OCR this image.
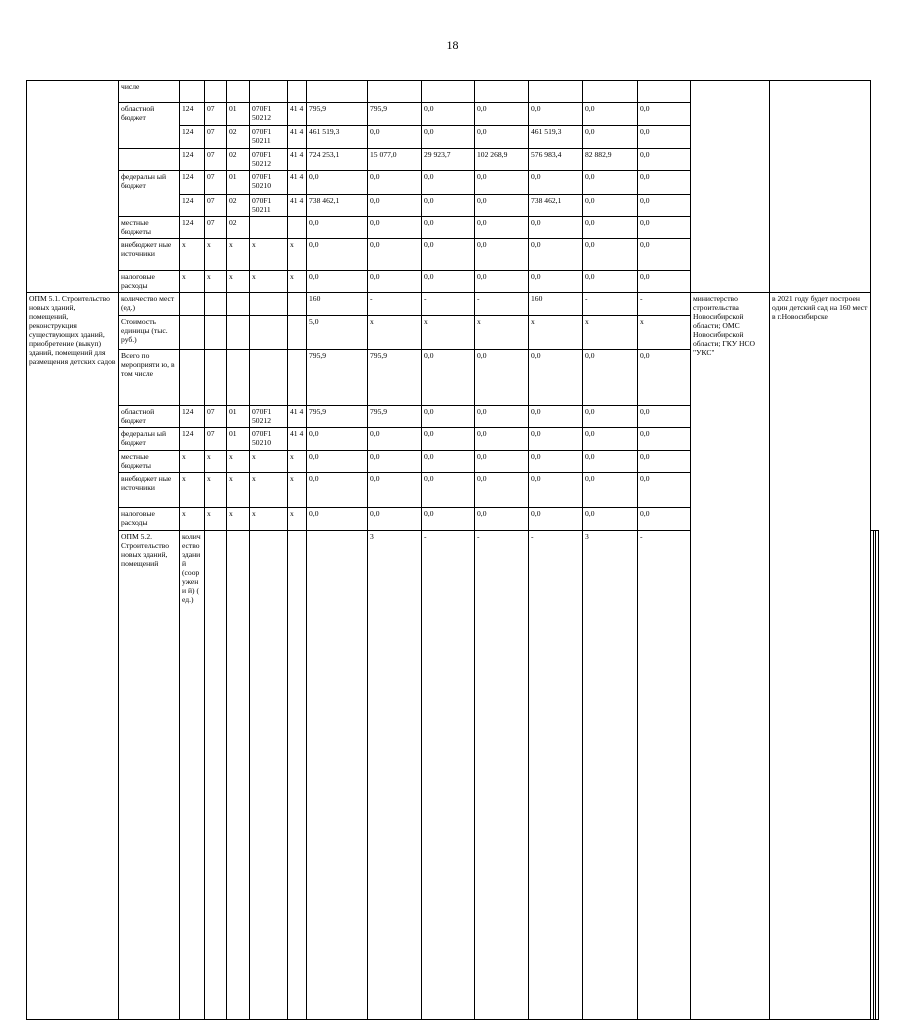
18
	числе																	
	областной бюджет	124	07	01	070F1 50212	41 4	795,9	795,9	0,0	0,0	0,0	0,0	0,0					
		124	07	02	070F1 50211	41 4	461 519,3	0,0	0,0	0,0	461 519,3	0,0	0,0					
		124	07	02	070F1 50212	41 4	724 253,1	15 077,0	29 923,7	102 268,9	576 983,4	82 882,9	0,0					
	федеральн ый бюджет	124	07	01	070F1 50210	41 4	0,0	0,0	0,0	0,0	0,0	0,0	0,0					
		124	07	02	070F1 50211	41 4	738 462,1	0,0	0,0	0,0	738 462,1	0,0	0,0					
	местные бюджеты	124	07	02			0,0	0,0	0,0	0,0	0,0	0,0	0,0					
	внебюджет ные источники	х	х	х	х	х	0,0	0,0	0,0	0,0	0,0	0,0	0,0					
	налоговые расходы	х	х	х	х	х	0,0	0,0	0,0	0,0	0,0	0,0	0,0					
ОПМ 5.1. Строительство новых зданий, помещений, реконструкция существующих зданий, приобретение (выкуп) зданий, помещений для размещения детских садов	количество мест (ед.)						160	-	-	-	160	-	-	министерство строительства Новосибирской области; ОМС Новосибирской области; ГКУ НСО "УКС"	в 2021 году будет построен один детский сад на 160 мест в г.Новосибирске			
	Стоимость единицы (тыс. руб.)						5,0	х	х	х	х	х	х					
	Всего по мероприяти ю, в том числе						795,9	795,9	0,0	0,0	0,0	0,0	0,0					
	областной бюджет	124	07	01	070F1 50212	41 4	795,9	795,9	0,0	0,0	0,0	0,0	0,0					
	федеральн ый бюджет	124	07	01	070F1 50210	41 4	0,0	0,0	0,0	0,0	0,0	0,0	0,0					
	местные бюджеты	х	х	х	х	х	0,0	0,0	0,0	0,0	0,0	0,0	0,0					
	внебюджет ные источники	х	х	х	х	х	0,0	0,0	0,0	0,0	0,0	0,0	0,0					
	налоговые расходы	х	х	х	х	х	0,0	0,0	0,0	0,0	0,0	0,0	0,0					
	ОПМ 5.2. Строительство новых зданий, помещений	количество зданий (сооружени й) ( ед.)						3	-	-	-	3	-			
